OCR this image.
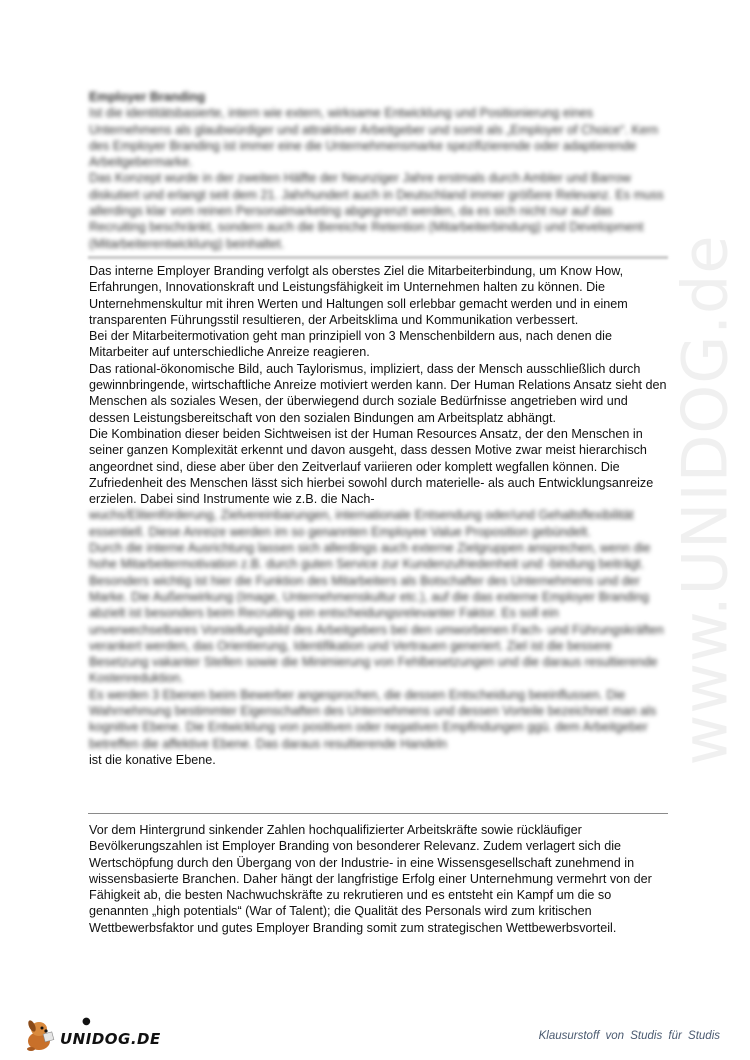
www.UNIDOG.de

Employer Branding

Ist die identitätsbasierte, intern wie extern, wirksame Entwicklung und Positionierung eines Unternehmens als glaubwürdiger und attraktiver Arbeitgeber und somit als „Employer of Choice“. Kern des Employer Branding ist immer eine die Unternehmensmarke spezifizierende oder adaptierende Arbeitgebermarke.

Das Konzept wurde in der zweiten Hälfte der Neunziger Jahre erstmals durch Ambler und Barrow diskutiert und erlangt seit dem 21. Jahrhundert auch in Deutschland immer größere Relevanz. Es muss allerdings klar vom reinen Personalmarketing abgegrenzt werden, da es sich nicht nur auf das Recruiting beschränkt, sondern auch die Bereiche Retention (Mitarbeiterbindung) und Development (Mitarbeiterentwicklung) beinhaltet.

Das interne Employer Branding verfolgt als oberstes Ziel die Mitarbeiterbindung, um Know How, Erfahrungen, Innovationskraft und Leistungsfähigkeit im Unternehmen halten zu können. Die Unternehmenskultur mit ihren Werten und Haltungen soll erlebbar gemacht werden und in einem transparenten Führungsstil resultieren, der Arbeitsklima und Kommunikation verbessert.

Bei der Mitarbeitermotivation geht man prinzipiell von 3 Menschenbildern aus, nach denen die Mitarbeiter auf unterschiedliche Anreize reagieren.

Das rational-ökonomische Bild, auch Taylorismus, impliziert, dass der Mensch ausschließlich durch gewinnbringende, wirtschaftliche Anreize motiviert werden kann. Der Human Relations Ansatz sieht den Menschen als soziales Wesen, der überwiegend durch soziale Bedürfnisse angetrieben wird und dessen Leistungsbereitschaft von den sozialen Bindungen am Arbeitsplatz abhängt.

Die Kombination dieser beiden Sichtweisen ist der Human Resources Ansatz, der den Menschen in seiner ganzen Komplexität erkennt und davon ausgeht, dass dessen Motive zwar meist hierarchisch angeordnet sind, diese aber über den Zeitverlauf variieren oder komplett wegfallen können. Die Zufriedenheit des Menschen lässt sich hierbei sowohl durch materielle- als auch Entwicklungsanreize erzielen. Dabei sind Instrumente wie z.B. die Nach-

wuchs/Elitenförderung, Zielvereinbarungen, internationale Entsendung oder/und Gehaltsflexibilität essentiell. Diese Anreize werden im so genannten Employee Value Proposition gebündelt.

Durch die interne Ausrichtung lassen sich allerdings auch externe Zielgruppen ansprechen, wenn die hohe Mitarbeitermotivation z.B. durch guten Service zur Kundenzufriedenheit und -bindung beiträgt. Besonders wichtig ist hier die Funktion des Mitarbeiters als Botschafter des Unternehmens und der Marke. Die Außenwirkung (Image, Unternehmenskultur etc.), auf die das externe Employer Branding abzielt ist besonders beim Recruiting ein entscheidungsrelevanter Faktor. Es soll ein unverwechselbares Vorstellungsbild des Arbeitgebers bei den umworbenen Fach- und Führungskräften verankert werden, das Orientierung, Identifikation und Vertrauen generiert. Ziel ist die bessere Besetzung vakanter Stellen sowie die Minimierung von Fehlbesetzungen und die daraus resultierende Kostenreduktion.

Es werden 3 Ebenen beim Bewerber angesprochen, die dessen Entscheidung beeinflussen. Die Wahrnehmung bestimmter Eigenschaften des Unternehmens und dessen Vorteile bezeichnet man als kognitive Ebene. Die Entwicklung von positiven oder negativen Empfindungen ggü. dem Arbeitgeber betreffen die affektive Ebene. Das daraus resultierende Handeln

ist die konative Ebene.

Vor dem Hintergrund sinkender Zahlen hochqualifizierter Arbeitskräfte sowie rückläufiger Bevölkerungszahlen ist Employer Branding von besonderer Relevanz. Zudem verlagert sich die Wertschöpfung durch den Übergang von der Industrie- in eine Wissensgesellschaft zunehmend in wissensbasierte Branchen. Daher hängt der langfristige Erfolg einer Unternehmung vermehrt von der Fähigkeit ab, die besten Nachwuchskräfte zu rekrutieren und es entsteht ein Kampf um die so genannten „high potentials“ (War of Talent); die Qualität des Personals wird zum kritischen Wettbewerbsfaktor und gutes Employer Branding somit zum strategischen Wettbewerbsvorteil.

●
UNIDOG.DE	Klausurstoff von Studis für Studis
